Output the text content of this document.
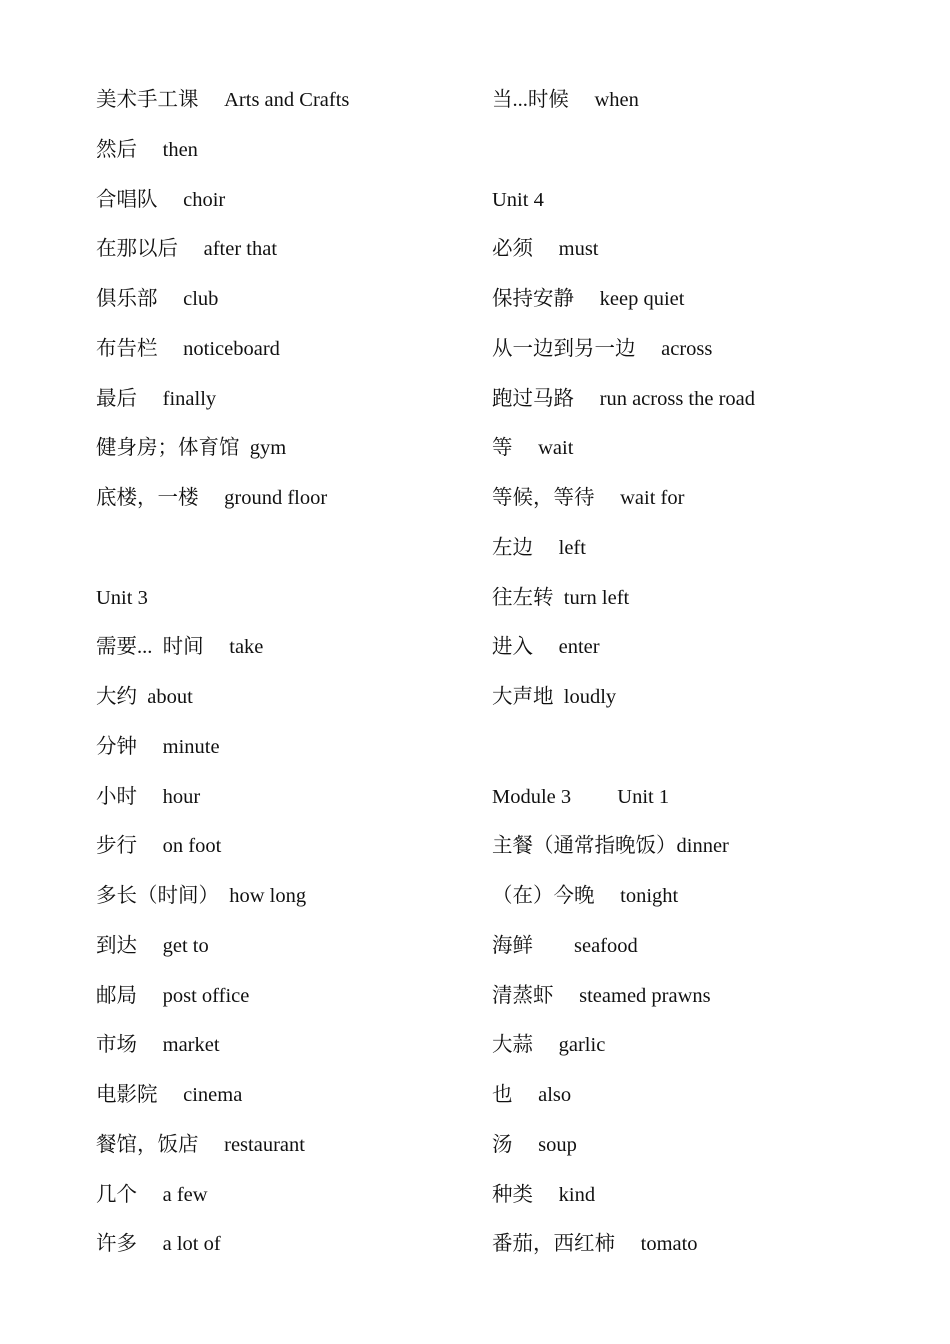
美术手工课　 Arts and Crafts
然后　 then
合唱队　 choir
在那以后　 after that
俱乐部　 club
布告栏　 noticeboard
最后　 finally
健身房；体育馆  gym
底楼，一楼　 ground floor
Unit 3
需要...  时间　 take
大约  about
分钟　 minute
小时　 hour
步行　 on foot
多长（时间）  how long
到达　 get to
邮局　 post office
市场　 market
电影院　 cinema
餐馆，饭店　 restaurant
几个　 a few
许多　 a lot of
当...时候　 when
Unit 4
必须　 must
保持安静　 keep quiet
从一边到另一边　 across
跑过马路　 run across the road
等　 wait
等候，等待　 wait for
左边　 left
往左转  turn left
进入　 enter
大声地  loudly
Module 3　　 Unit 1
主餐（通常指晚饭）dinner
（在）今晚　 tonight
海鲜　　seafood
清蒸虾　 steamed prawns
大蒜　 garlic
也　 also
汤　 soup
种类　 kind
番茄，西红柿　 tomato
